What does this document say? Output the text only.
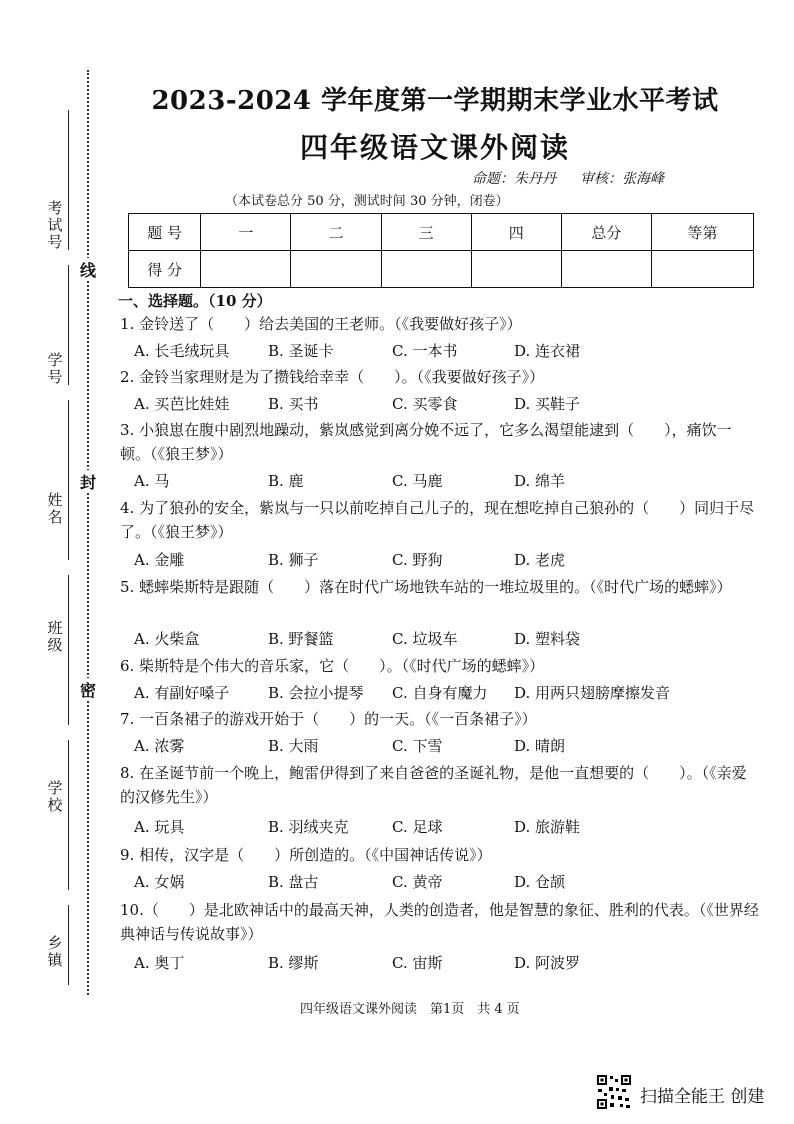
考试号
学号
姓名
班级
学校
乡镇
线
封
密
2023-2024 学年度第一学期期末学业水平考试
四年级语文课外阅读
命题：朱丹丹 审核：张海峰
（本试卷总分 50 分，测试时间 30 分钟，闭卷）
题 号	一	二	三	四	总分	等第
得 分						
一、选择题。（10 分）
1. 金铃送了（　　）给去美国的王老师。（《我要做好孩子》）
A. 长毛绒玩具	B. 圣诞卡	C. 一本书	D. 连衣裙
2. 金铃当家理财是为了攒钱给幸幸（　　）。（《我要做好孩子》）
A. 买芭比娃娃	B. 买书	C. 买零食	D. 买鞋子
3. 小狼崽在腹中剧烈地躁动，紫岚感觉到离分娩不远了，它多么渴望能逮到（　　），痛饮一顿。（《狼王梦》）
A. 马	B. 鹿	C. 马鹿	D. 绵羊
4. 为了狼孙的安全，紫岚与一只以前吃掉自己儿子的，现在想吃掉自己狼孙的（　　）同归于尽了。（《狼王梦》）
A. 金雕	B. 狮子	C. 野狗	D. 老虎
5. 蟋蟀柴斯特是跟随（　　）落在时代广场地铁车站的一堆垃圾里的。（《时代广场的蟋蟀》）
A. 火柴盒	B. 野餐篮	C. 垃圾车	D. 塑料袋
6. 柴斯特是个伟大的音乐家，它（　　）。（《时代广场的蟋蟀》）
A. 有副好嗓子	B. 会拉小提琴 C. 自身有魔力 D. 用两只翅膀摩擦发音
7. 一百条裙子的游戏开始于（　　）的一天。（《一百条裙子》）
A. 浓雾	B. 大雨	C. 下雪	D. 晴朗
8. 在圣诞节前一个晚上，鲍雷伊得到了来自爸爸的圣诞礼物，是他一直想要的（　　）。（《亲爱的汉修先生》）
A. 玩具	B. 羽绒夹克	C. 足球	D. 旅游鞋
9. 相传，汉字是（　　）所创造的。（《中国神话传说》）
A. 女娲	B. 盘古	C. 黄帝	D. 仓颉
10.（　　）是北欧神话中的最高天神，人类的创造者，他是智慧的象征、胜利的代表。（《世界经典神话与传说故事》）
A. 奥丁	B. 缪斯	C. 宙斯	D. 阿波罗
四年级语文课外阅读　第1页　共 4 页
扫描全能王 创建
